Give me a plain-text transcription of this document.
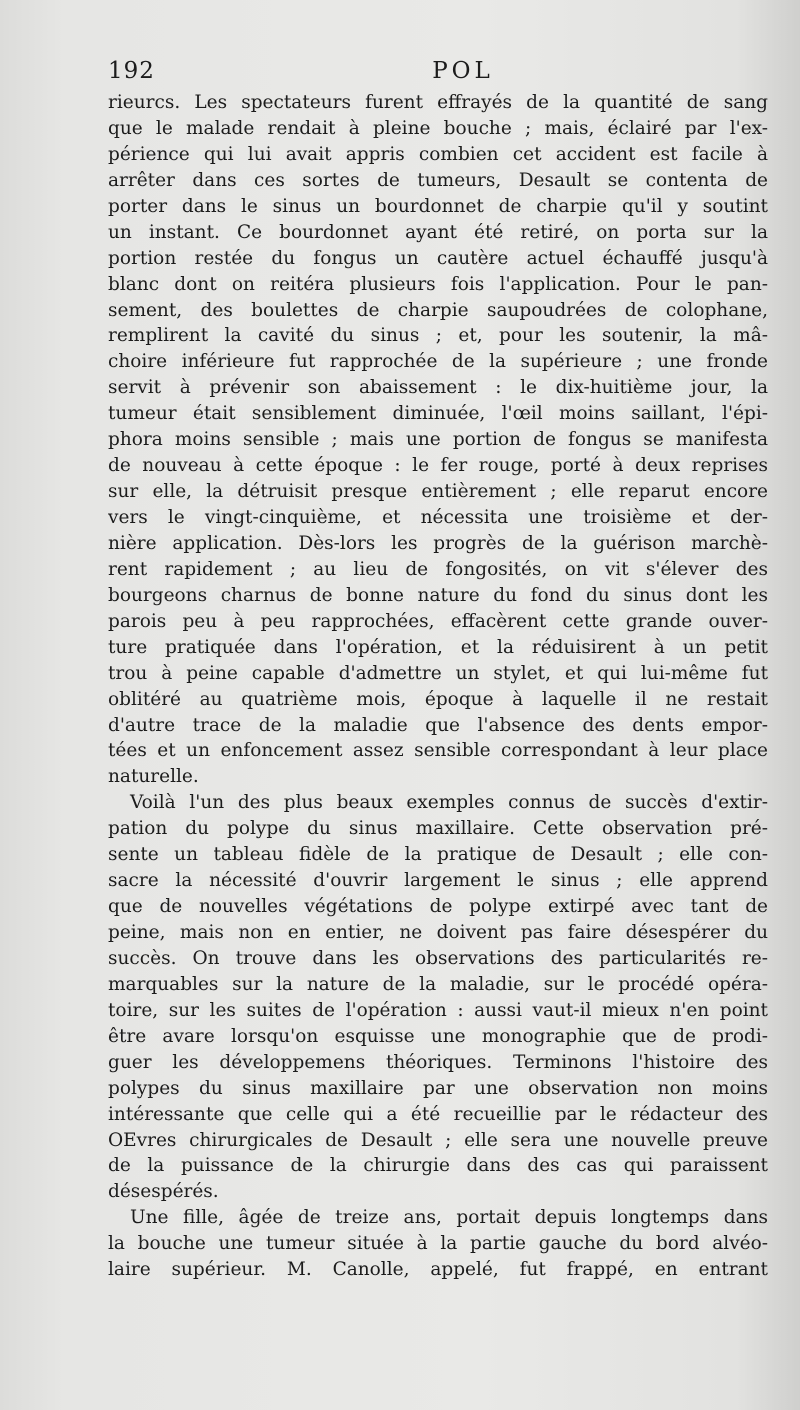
192	POL
rieurcs. Les spectateurs furent effrayés de la quantité de sang
que le malade rendait à pleine bouche ; mais, éclairé par l'ex-
périence qui lui avait appris combien cet accident est facile à
arrêter dans ces sortes de tumeurs, Desault se contenta de
porter dans le sinus un bourdonnet de charpie qu'il y soutint
un instant. Ce bourdonnet ayant été retiré, on porta sur la
portion restée du fongus un cautère actuel échauffé jusqu'à
blanc dont on reitéra plusieurs fois l'application. Pour le pan-
sement, des boulettes de charpie saupoudrées de colophane,
remplirent la cavité du sinus ; et, pour les soutenir, la mâ-
choire inférieure fut rapprochée de la supérieure ; une fronde
servit à prévenir son abaissement : le dix-huitième jour, la
tumeur était sensiblement diminuée, l'œil moins saillant, l'épi-
phora moins sensible ; mais une portion de fongus se manifesta
de nouveau à cette époque : le fer rouge, porté à deux reprises
sur elle, la détruisit presque entièrement ; elle reparut encore
vers le vingt-cinquième, et nécessita une troisième et der-
nière application. Dès-lors les progrès de la guérison marchè-
rent rapidement ; au lieu de fongosités, on vit s'élever des
bourgeons charnus de bonne nature du fond du sinus dont les
parois peu à peu rapprochées, effacèrent cette grande ouver-
ture pratiquée dans l'opération, et la réduisirent à un petit
trou à peine capable d'admettre un stylet, et qui lui-même fut
oblitéré au quatrième mois, époque à laquelle il ne restait
d'autre trace de la maladie que l'absence des dents empor-
tées et un enfoncement assez sensible correspondant à leur place
naturelle.
Voilà l'un des plus beaux exemples connus de succès d'extir-
pation du polype du sinus maxillaire. Cette observation pré-
sente un tableau fidèle de la pratique de Desault ; elle con-
sacre la nécessité d'ouvrir largement le sinus ; elle apprend
que de nouvelles végétations de polype extirpé avec tant de
peine, mais non en entier, ne doivent pas faire désespérer du
succès. On trouve dans les observations des particularités re-
marquables sur la nature de la maladie, sur le procédé opéra-
toire, sur les suites de l'opération : aussi vaut-il mieux n'en point
être avare lorsqu'on esquisse une monographie que de prodi-
guer les développemens théoriques. Terminons l'histoire des
polypes du sinus maxillaire par une observation non moins
intéressante que celle qui a été recueillie par le rédacteur des
OEvres chirurgicales de Desault ; elle sera une nouvelle preuve
de la puissance de la chirurgie dans des cas qui paraissent
désespérés.
Une fille, âgée de treize ans, portait depuis longtemps dans
la bouche une tumeur située à la partie gauche du bord alvéo-
laire supérieur. M. Canolle, appelé, fut frappé, en entrant
